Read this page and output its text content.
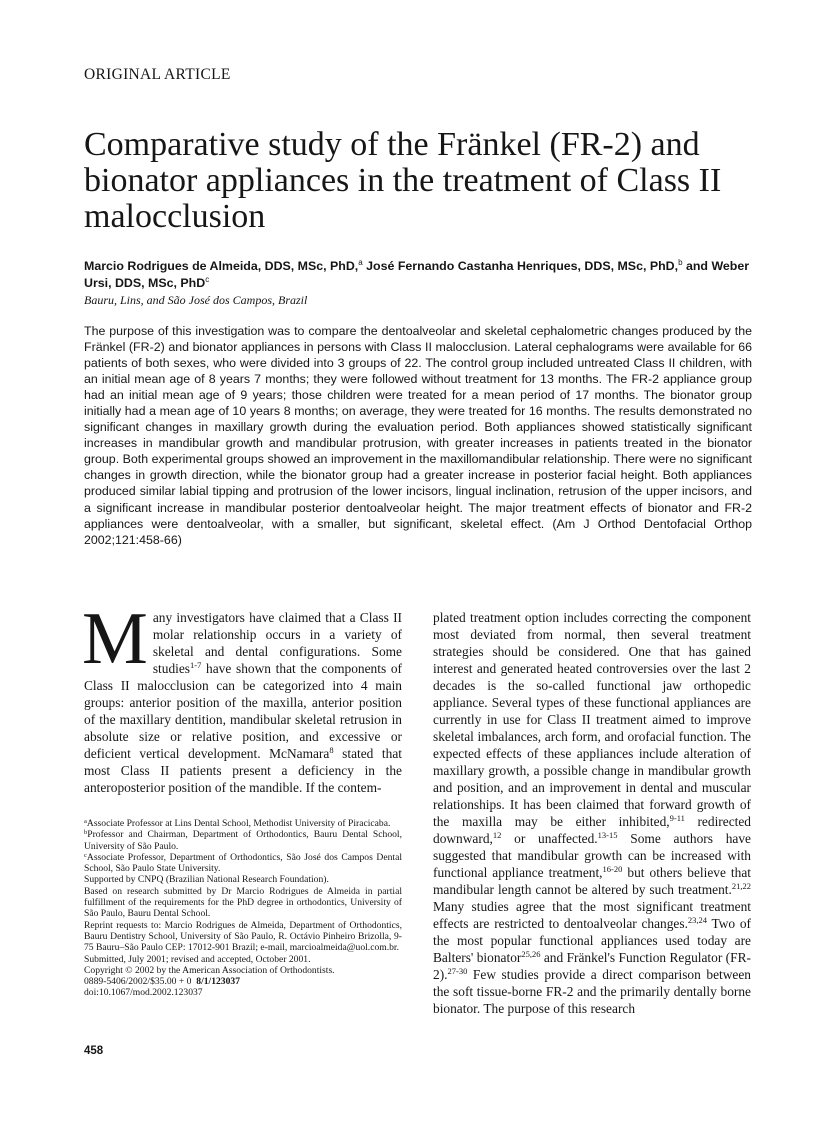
ORIGINAL ARTICLE
Comparative study of the Fränkel (FR-2) and bionator appliances in the treatment of Class II malocclusion
Marcio Rodrigues de Almeida, DDS, MSc, PhD,$^a$ José Fernando Castanha Henriques, DDS, MSc, PhD,$^b$ and Weber Ursi, DDS, MSc, PhD$^c$
Bauru, Lins, and São José dos Campos, Brazil
The purpose of this investigation was to compare the dentoalveolar and skeletal cephalometric changes produced by the Fränkel (FR-2) and bionator appliances in persons with Class II malocclusion. Lateral cephalograms were available for 66 patients of both sexes, who were divided into 3 groups of 22. The control group included untreated Class II children, with an initial mean age of 8 years 7 months; they were followed without treatment for 13 months. The FR-2 appliance group had an initial mean age of 9 years; those children were treated for a mean period of 17 months. The bionator group initially had a mean age of 10 years 8 months; on average, they were treated for 16 months. The results demonstrated no significant changes in maxillary growth during the evaluation period. Both appliances showed statistically significant increases in mandibular growth and mandibular protrusion, with greater increases in patients treated in the bionator group. Both experimental groups showed an improvement in the maxillomandibular relationship. There were no significant changes in growth direction, while the bionator group had a greater increase in posterior facial height. Both appliances produced similar labial tipping and protrusion of the lower incisors, lingual inclination, retrusion of the upper incisors, and a significant increase in mandibular posterior dentoalveolar height. The major treatment effects of bionator and FR-2 appliances were dentoalveolar, with a smaller, but significant, skeletal effect. (Am J Orthod Dentofacial Orthop 2002;121:458-66)

Many investigators have claimed that a Class II molar relationship occurs in a variety of skeletal and dental configurations. Some studies$^{1-7}$ have shown that the components of Class II malocclusion can be categorized into 4 main groups: anterior position of the maxilla, anterior position of the maxillary dentition, mandibular skeletal retrusion in absolute size or relative position, and excessive or deficient vertical development. McNamara$^8$ stated that most Class II patients present a deficiency in the anteroposterior position of the mandible. If the contem-

plated treatment option includes correcting the component most deviated from normal, then several treatment strategies should be considered. One that has gained interest and generated heated controversies over the last 2 decades is the so-called functional jaw orthopedic appliance. Several types of these functional appliances are currently in use for Class II treatment aimed to improve skeletal imbalances, arch form, and orofacial function. The expected effects of these appliances include alteration of maxillary growth, a possible change in mandibular growth and position, and an improvement in dental and muscular relationships. It has been claimed that forward growth of the maxilla may be either inhibited,$^{9-11}$ redirected downward,$^{12}$ or unaffected.$^{13-15}$ Some authors have suggested that mandibular growth can be increased with functional appliance treatment,$^{16-20}$ but others believe that mandibular length cannot be altered by such treatment.$^{21,22}$ Many studies agree that the most significant treatment effects are restricted to dentoalveolar changes.$^{23,24}$ Two of the most popular functional appliances used today are Balters' bionator$^{25,26}$ and Fränkel's Function Regulator (FR-2).$^{27-30}$ Few studies provide a direct comparison between the soft tissue-borne FR-2 and the primarily dentally borne bionator. The purpose of this research

$^a$Associate Professor at Lins Dental School, Methodist University of Piracicaba.

$^b$Professor and Chairman, Department of Orthodontics, Bauru Dental School, University of São Paulo.

$^c$Associate Professor, Department of Orthodontics, São José dos Campos Dental School, São Paulo State University.

Supported by CNPQ (Brazilian National Research Foundation).

Based on research submitted by Dr Marcio Rodrigues de Almeida in partial fulfillment of the requirements for the PhD degree in orthodontics, University of São Paulo, Bauru Dental School.

Reprint requests to: Marcio Rodrigues de Almeida, Department of Orthodontics, Bauru Dentistry School, University of São Paulo, R. Octávio Pinheiro Brizolla, 9-75 Bauru–São Paulo CEP: 17012-901 Brazil; e-mail, marcioalmeida@uol.com.br.

Submitted, July 2001; revised and accepted, October 2001.

Copyright © 2002 by the American Association of Orthodontists.

0889-5406/2002/$35.00 + 0 8/1/123037

doi:10.1067/mod.2002.123037

458
